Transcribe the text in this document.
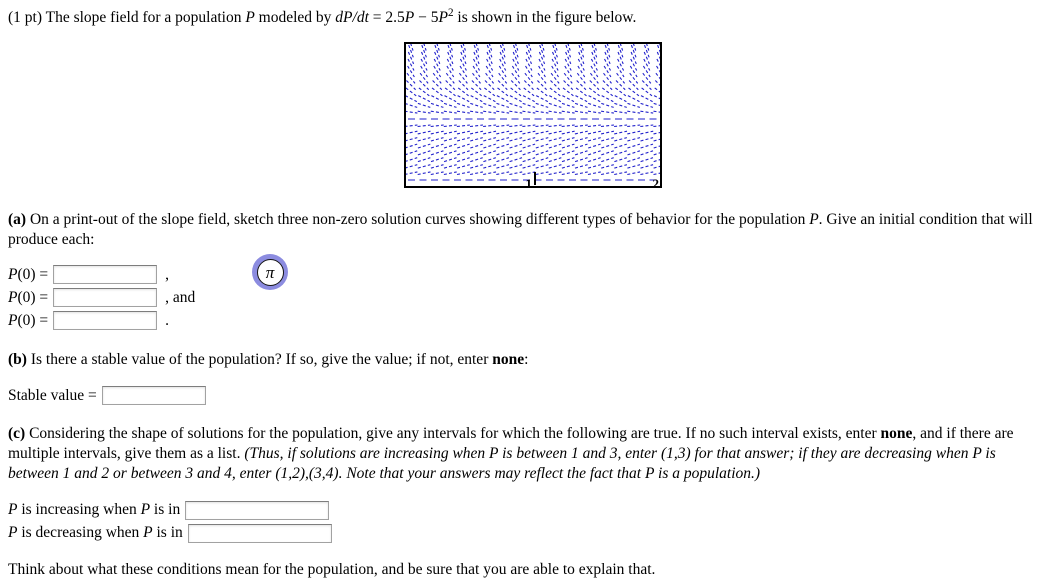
(1 pt) The slope field for a population P modeled by $dP/dt = 2.5P - 5P^2$ is shown in the figure below.

1	2

(a) On a print-out of the slope field, sketch three non-zero solution curves showing different types of behavior for the population P. Give an initial condition that will produce each:

P(0) =	,
P(0) =	, and
P(0) =	.
π

(b) Is there a stable value of the population? If so, give the value; if not, enter none:

Stable value =

(c) Considering the shape of solutions for the population, give any intervals for which the following are true. If no such interval exists, enter none, and if there are multiple intervals, give them as a list. (Thus, if solutions are increasing when P is between 1 and 3, enter (1,3) for that answer; if they are decreasing when P is between 1 and 2 or between 3 and 4, enter (1,2),(3,4). Note that your answers may reflect the fact that P is a population.)

P is increasing when P is in
P is decreasing when P is in

Think about what these conditions mean for the population, and be sure that you are able to explain that.
